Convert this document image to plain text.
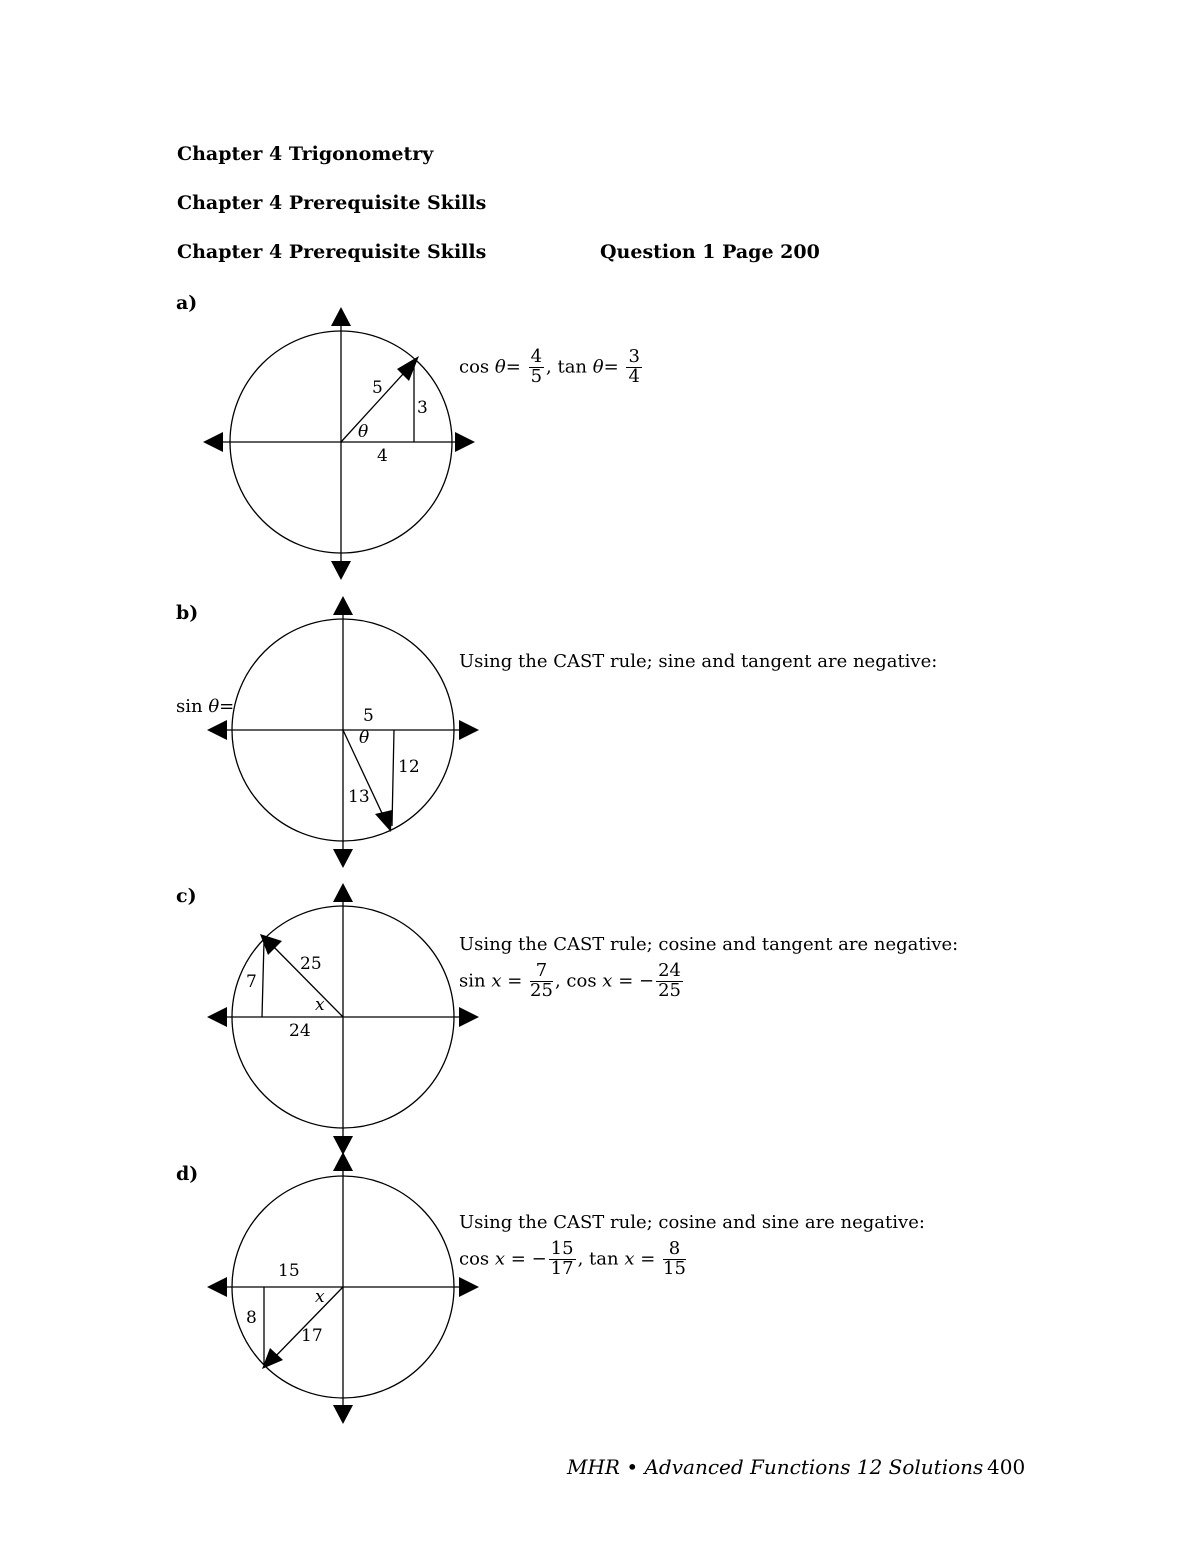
Chapter 4 Trigonometry
Chapter 4 Prerequisite Skills
Chapter 4 Prerequisite Skills	Question 1 Page 200
a)
5
3
4
θ
5
θ
12
13
25
7
x
24
15
x
8
17
$\cos \theta= \frac{4}{5}$ , $\tan \theta= \frac{3}{4}$
b)
Using the CAST rule; sine and tangent are negative:
sin θ=
c)
Using the CAST rule; cosine and tangent are negative:
$\sin x = \frac{7}{25}$ , cos x = − $\frac{24}{25}$
d)
Using the CAST rule; cosine and sine are negative:
cos x = − $\frac{15}{17}$ , $\tan x = \frac{8}{15}$
MHR • Advanced Functions 12 Solutions 400
